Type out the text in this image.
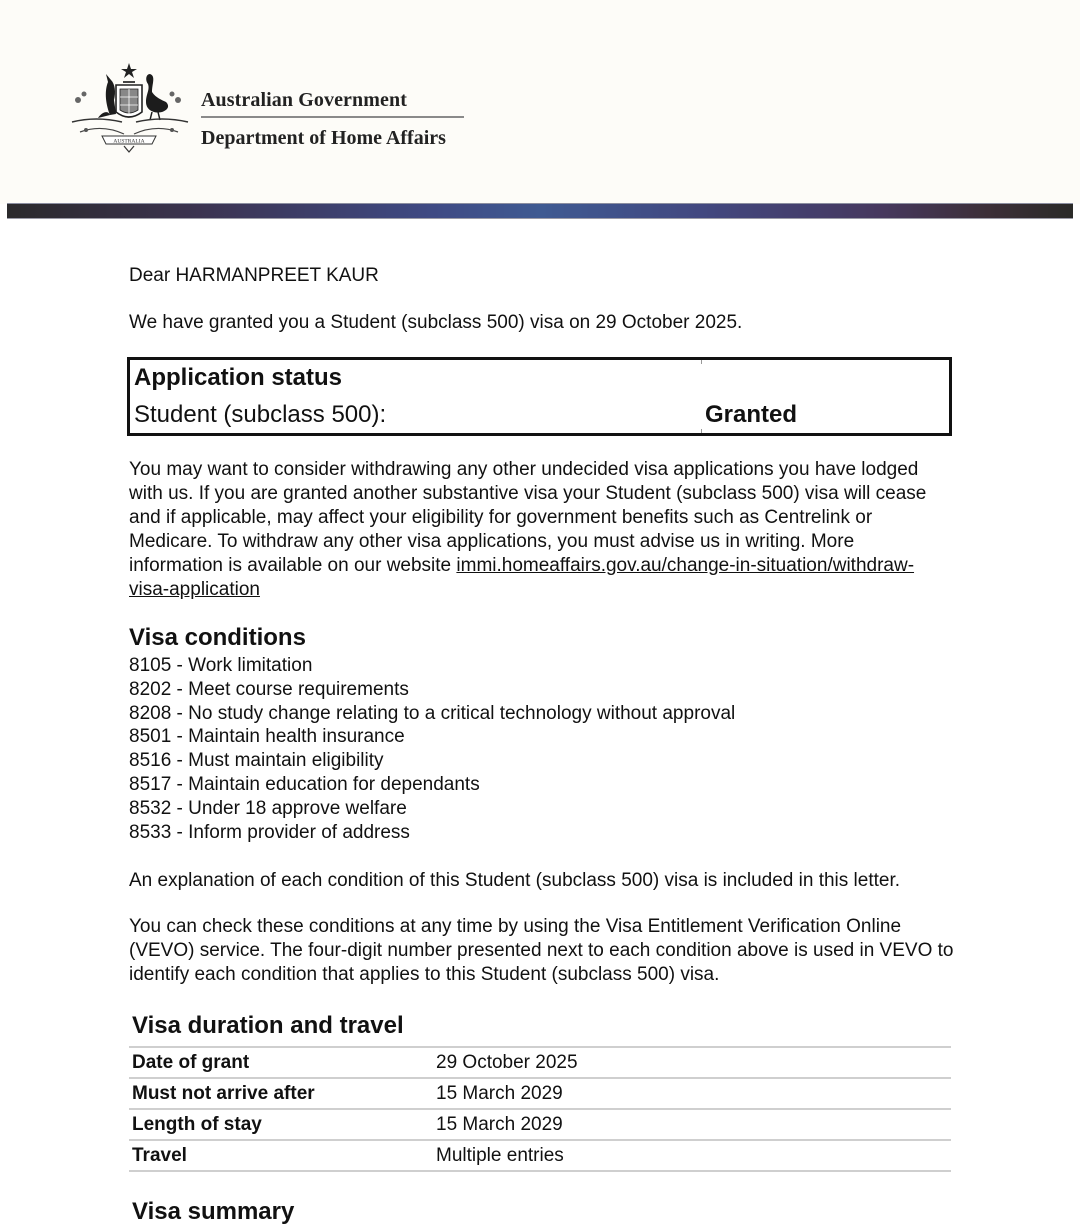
AUSTRALIA
Australian Government
Department of Home Affairs
Dear HARMANPREET KAUR
We have granted you a Student (subclass 500) visa on 29 October 2025.
Application status
Student (subclass 500):	Granted
You may want to consider withdrawing any other undecided visa applications you have lodged with us. If you are granted another substantive visa your Student (subclass 500) visa will cease and if applicable, may affect your eligibility for government benefits such as Centrelink or Medicare. To withdraw any other visa applications, you must advise us in writing. More information is available on our website immi.homeaffairs.gov.au/change-in-situation/withdraw-visa-application
Visa conditions
8105 - Work limitation
8202 - Meet course requirements
8208 - No study change relating to a critical technology without approval
8501 - Maintain health insurance
8516 - Must maintain eligibility
8517 - Maintain education for dependants
8532 - Under 18 approve welfare
8533 - Inform provider of address
An explanation of each condition of this Student (subclass 500) visa is included in this letter.
You can check these conditions at any time by using the Visa Entitlement Verification Online (VEVO) service. The four-digit number presented next to each condition above is used in VEVO to identify each condition that applies to this Student (subclass 500) visa.
Visa duration and travel
Date of grant	29 October 2025
Must not arrive after	15 March 2029
Length of stay	15 March 2029
Travel	Multiple entries
Visa summary
